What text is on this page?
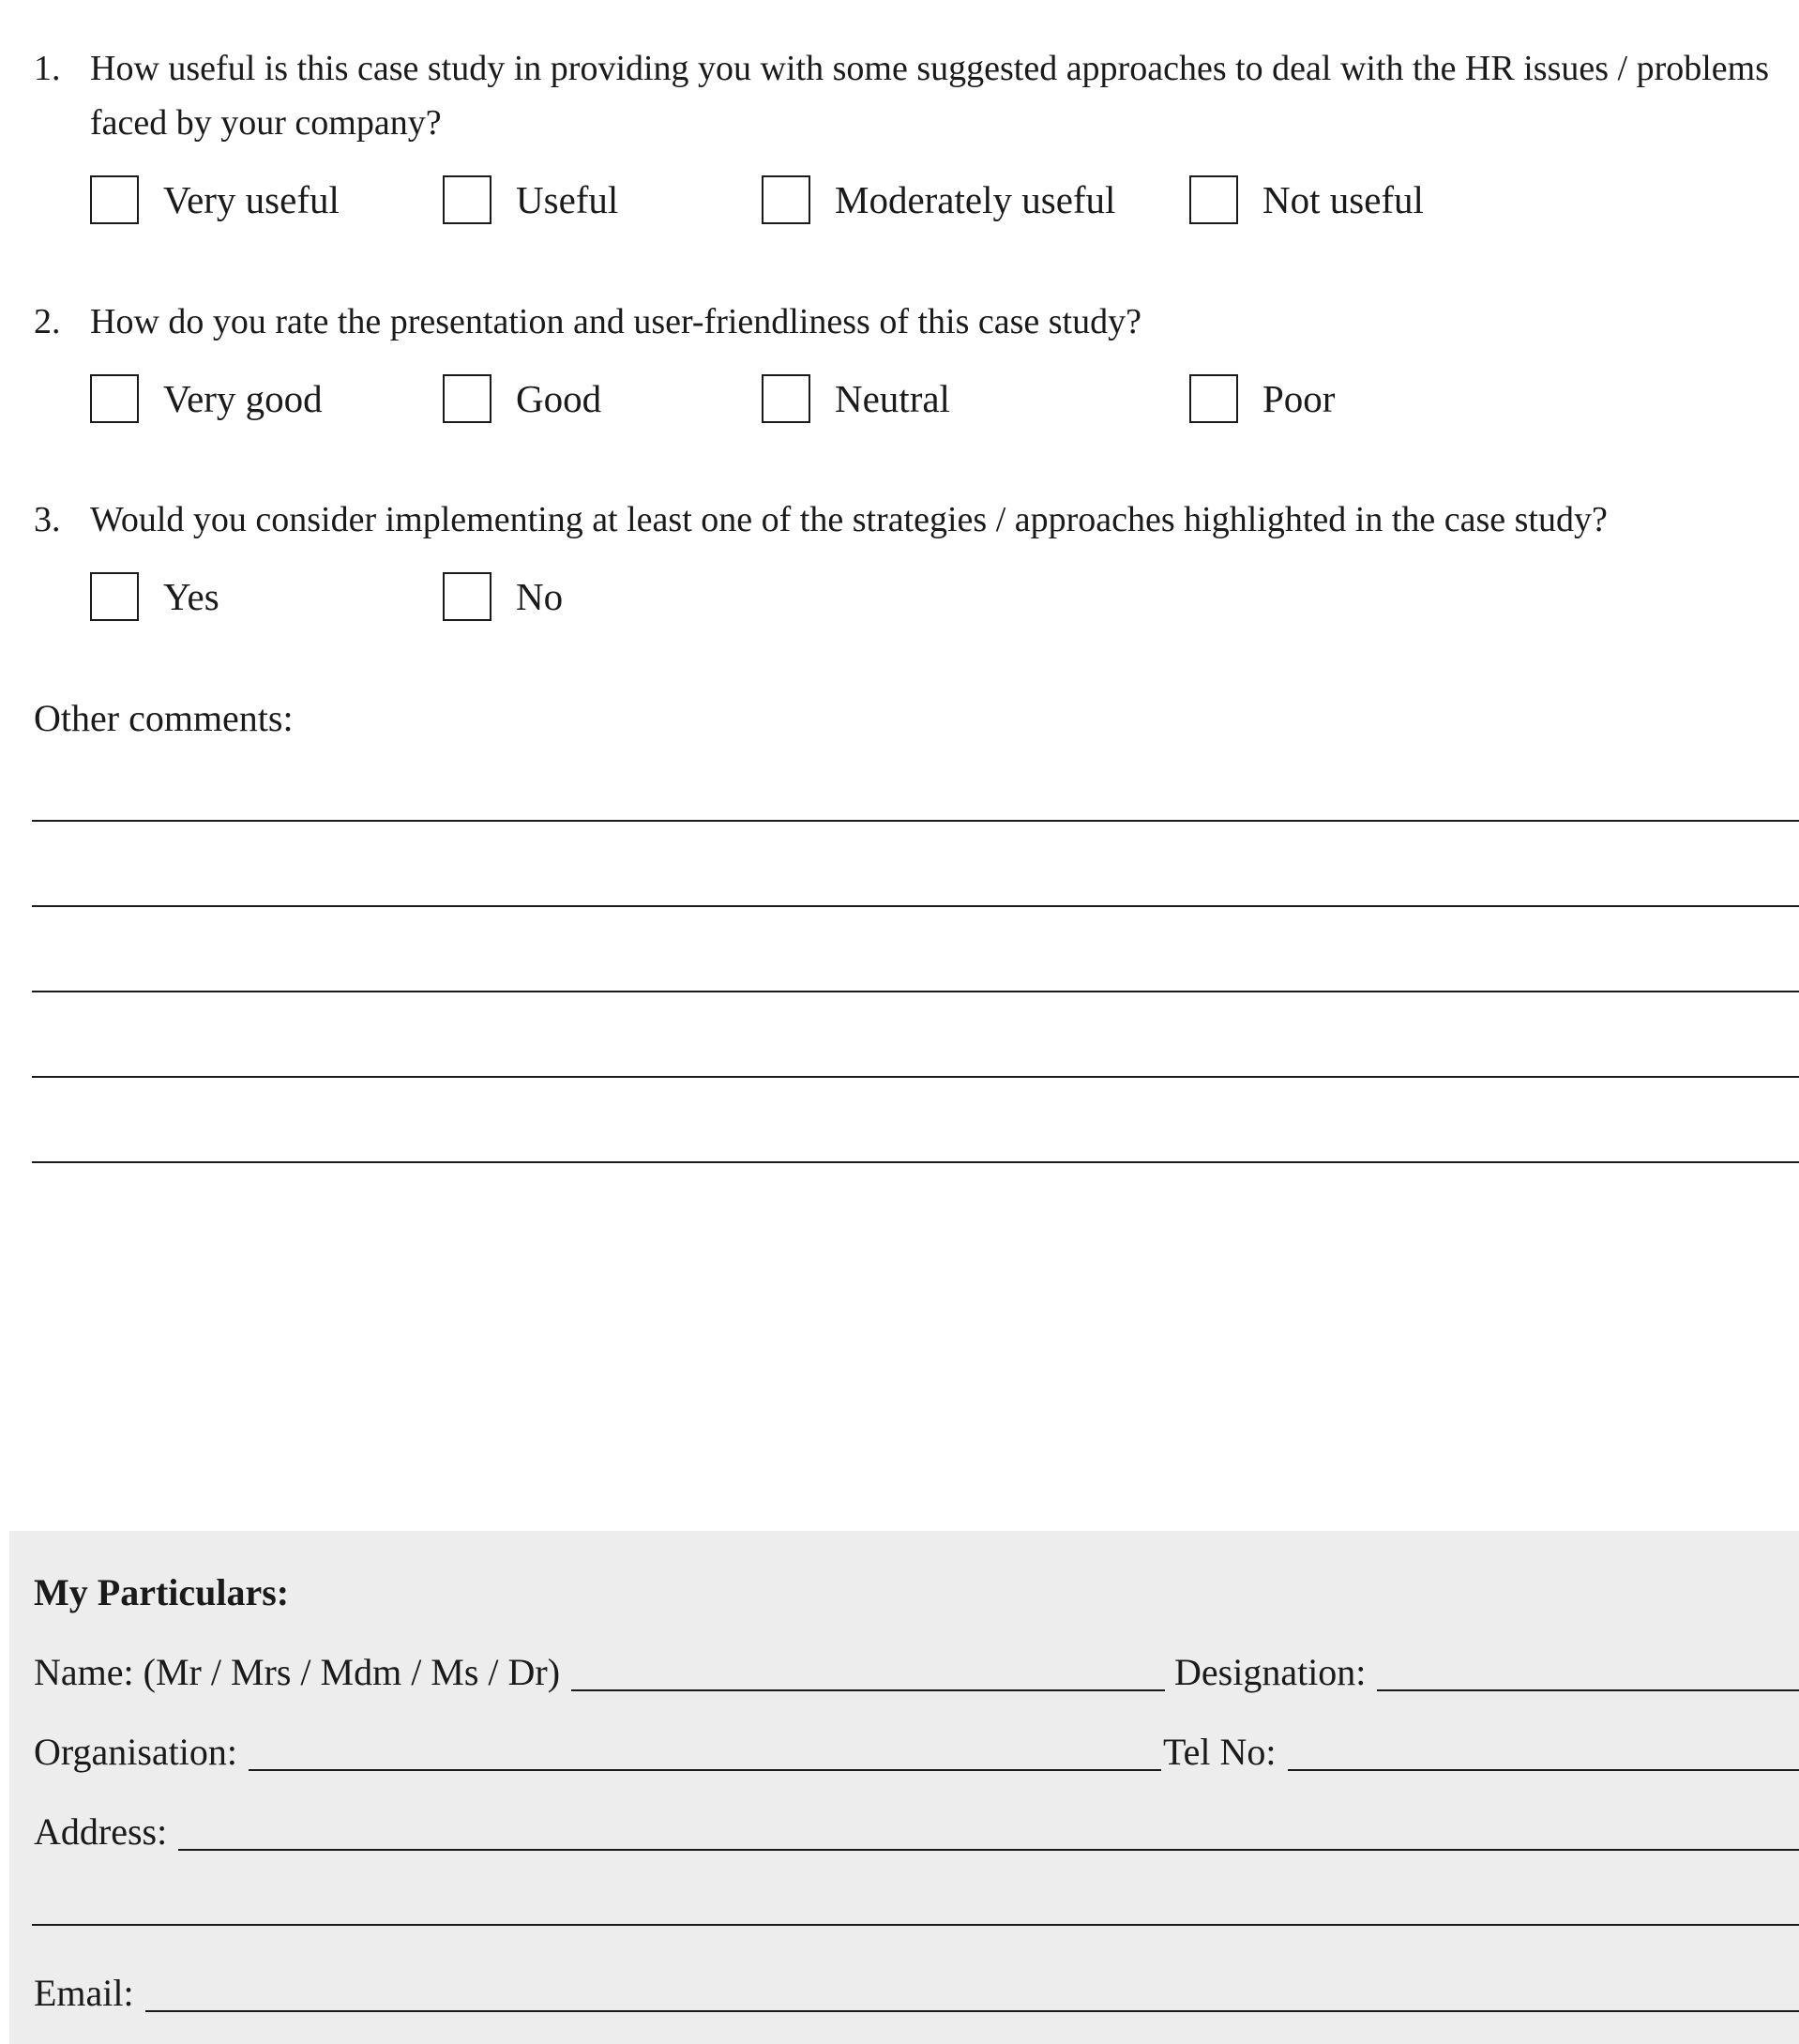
1. How useful is this case study in providing you with some suggested approaches to deal with the HR issues / problems
faced by your company?
Very useful	Useful	Moderately useful	Not useful
2. How do you rate the presentation and user-friendliness of this case study?
Very good	Good	Neutral	Poor
3. Would you consider implementing at least one of the strategies / approaches highlighted in the case study?
Yes	No
Other comments:
My Particulars:
Name: (Mr / Mrs / Mdm / Ms / Dr)	Designation:
Organisation:	Tel No:
Address:
Email:
